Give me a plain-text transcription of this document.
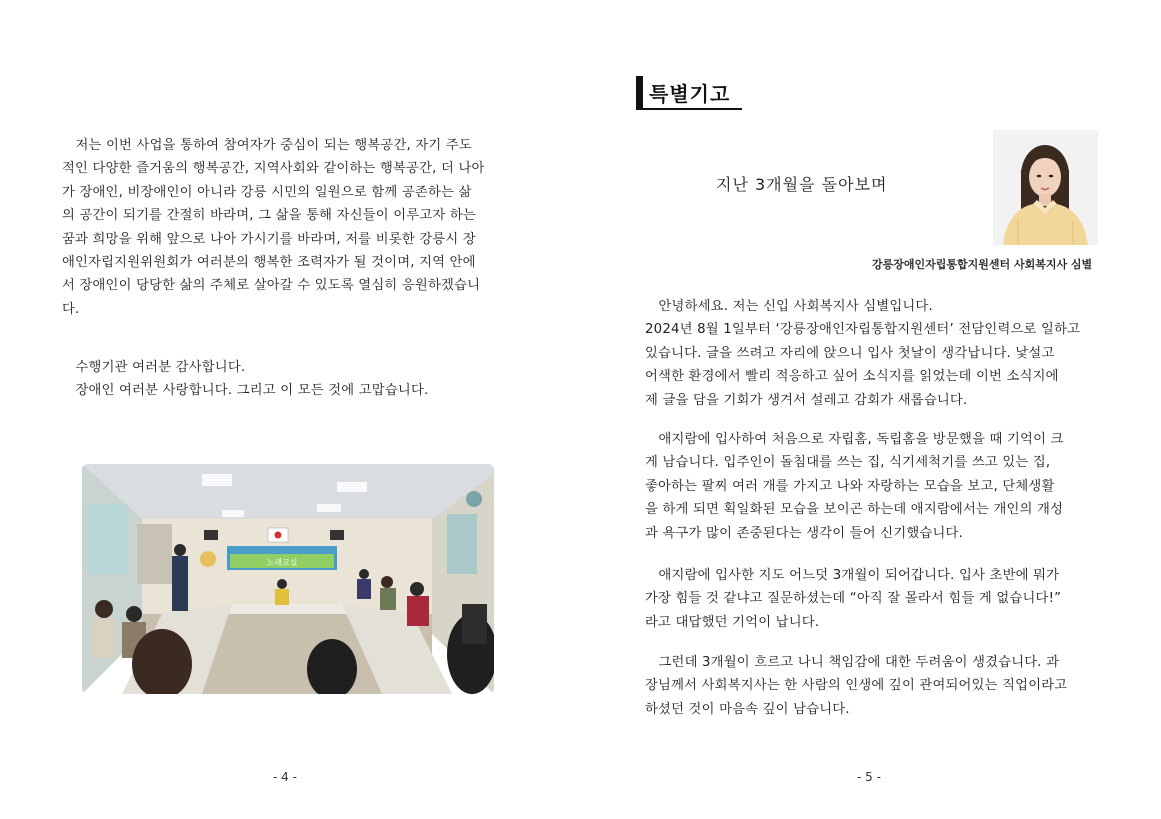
　저는 이번 사업을 통하여 참여자가 중심이 되는 행복공간, 자기 주도
적인 다양한 즐거움의 행복공간, 지역사회와 같이하는 행복공간, 더 나아
가 장애인, 비장애인이 아니라 강릉 시민의 일원으로 함께 공존하는 삶
의 공간이 되기를 간절히 바라며, 그 삶을 통해 자신들이 이루고자 하는
꿈과 희망을 위해 앞으로 나아 가시기를 바라며, 저를 비롯한 강릉시 장
애인자립지원위원회가 여러분의 행복한 조력자가 될 것이며, 지역 안에
서 장애인이 당당한 삶의 주체로 살아갈 수 있도록 열심히 응원하겠습니
다.
　수행기관 여러분 감사합니다.
　장애인 여러분 사랑합니다. 그리고 이 모든 것에 고맙습니다.
노래교실
- 4 -
특별기고
지난 3개월을 돌아보며
강릉장애인자립통합지원센터 사회복지사 심별
　안녕하세요. 저는 신입 사회복지사 심별입니다.
2024년 8월 1일부터 ‘강릉장애인자립통합지원센터’ 전담인력으로 일하고
있습니다. 글을 쓰려고 자리에 앉으니 입사 첫날이 생각납니다. 낯설고
어색한 환경에서 빨리 적응하고 싶어 소식지를 읽었는데 이번 소식지에
제 글을 담을 기회가 생겨서 설레고 감회가 새롭습니다.
　애지람에 입사하여 처음으로 자립홈, 독립홈을 방문했을 때 기억이 크
게 남습니다. 입주인이 돌침대를 쓰는 집, 식기세척기를 쓰고 있는 집,
좋아하는 팔찌 여러 개를 가지고 나와 자랑하는 모습을 보고, 단체생활
을 하게 되면 획일화된 모습을 보이곤 하는데 애지람에서는 개인의 개성
과 욕구가 많이 존중된다는 생각이 들어 신기했습니다.
　애지람에 입사한 지도 어느덧 3개월이 되어갑니다. 입사 초반에 뭐가
가장 힘들 것 같냐고 질문하셨는데 “아직 잘 몰라서 힘들 게 없습니다!”
라고 대답했던 기억이 납니다.
　그런데 3개월이 흐르고 나니 책임감에 대한 두려움이 생겼습니다. 과
장님께서 사회복지사는 한 사람의 인생에 깊이 관여되어있는 직업이라고
하셨던 것이 마음속 깊이 남습니다.
- 5 -
